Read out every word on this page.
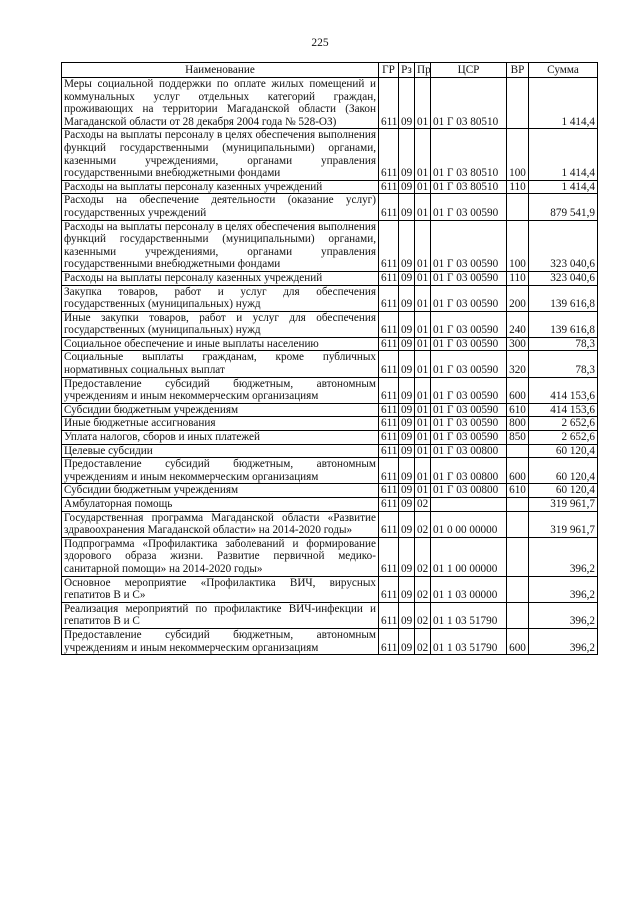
225
Наименование	ГР	Рз	Пр	ЦСР	ВР	Сумма
Меры социальной поддержки по оплате жилых помещений и коммунальных услуг отдельных категорий граждан, проживающих на территории Магаданской области (Закон Магаданской области от 28 декабря 2004 года № 528-ОЗ)	611	09	01	01 Г 03 80510		1 414,4
Расходы на выплаты персоналу в целях обеспечения выполнения функций государственными (муниципальными) органами, казенными учреждениями, органами управления государственными внебюджетными фондами	611	09	01	01 Г 03 80510	100	1 414,4
Расходы на выплаты персоналу казенных учреждений	611	09	01	01 Г 03 80510	110	1 414,4
Расходы на обеспечение деятельности (оказание услуг) государственных учреждений	611	09	01	01 Г 03 00590		879 541,9
Расходы на выплаты персоналу в целях обеспечения выполнения функций государственными (муниципальными) органами, казенными учреждениями, органами управления государственными внебюджетными фондами	611	09	01	01 Г 03 00590	100	323 040,6
Расходы на выплаты персоналу казенных учреждений	611	09	01	01 Г 03 00590	110	323 040,6
Закупка товаров, работ и услуг для обеспечения государственных (муниципальных) нужд	611	09	01	01 Г 03 00590	200	139 616,8
Иные закупки товаров, работ и услуг для обеспечения государственных (муниципальных) нужд	611	09	01	01 Г 03 00590	240	139 616,8
Социальное обеспечение и иные выплаты населению	611	09	01	01 Г 03 00590	300	78,3
Социальные выплаты гражданам, кроме публичных нормативных социальных выплат	611	09	01	01 Г 03 00590	320	78,3
Предоставление субсидий бюджетным, автономным учреждениям и иным некоммерческим организациям	611	09	01	01 Г 03 00590	600	414 153,6
Субсидии бюджетным учреждениям	611	09	01	01 Г 03 00590	610	414 153,6
Иные бюджетные ассигнования	611	09	01	01 Г 03 00590	800	2 652,6
Уплата налогов, сборов и иных платежей	611	09	01	01 Г 03 00590	850	2 652,6
Целевые субсидии	611	09	01	01 Г 03 00800		60 120,4
Предоставление субсидий бюджетным, автономным учреждениям и иным некоммерческим организациям	611	09	01	01 Г 03 00800	600	60 120,4
Субсидии бюджетным учреждениям	611	09	01	01 Г 03 00800	610	60 120,4
Амбулаторная помощь	611	09	02			319 961,7
Государственная программа Магаданской области «Развитие здравоохранения Магаданской области» на 2014-2020 годы»	611	09	02	01 0 00 00000		319 961,7
Подпрограмма «Профилактика заболеваний и формирование здорового образа жизни. Развитие первичной медико-санитарной помощи» на 2014-2020 годы»	611	09	02	01 1 00 00000		396,2
Основное мероприятие «Профилактика ВИЧ, вирусных гепатитов В и С»	611	09	02	01 1 03 00000		396,2
Реализация мероприятий по профилактике ВИЧ-инфекции и гепатитов В и С	611	09	02	01 1 03 51790		396,2
Предоставление субсидий бюджетным, автономным учреждениям и иным некоммерческим организациям	611	09	02	01 1 03 51790	600	396,2
